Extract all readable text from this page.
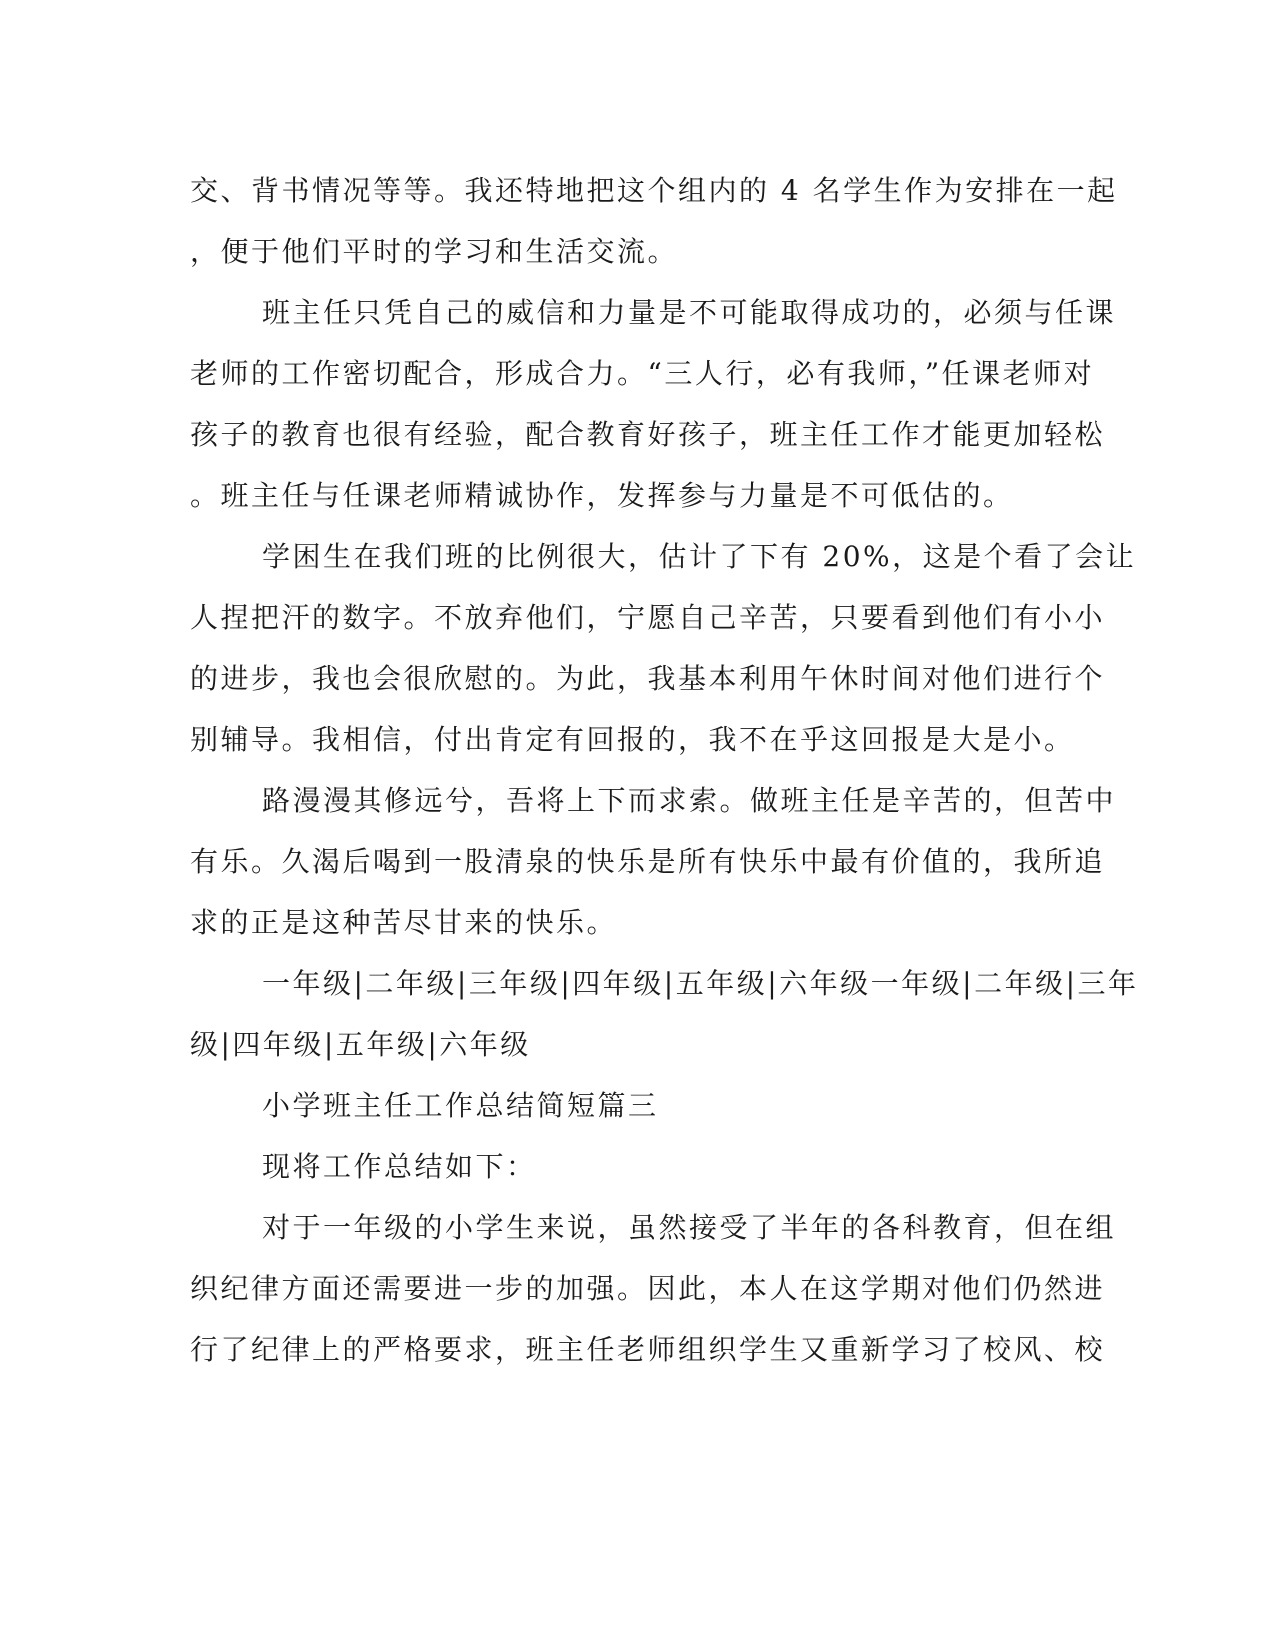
交、背书情况等等。我还特地把这个组内的 4 名学生作为安排在一起
，便于他们平时的学习和生活交流。
班主任只凭自己的威信和力量是不可能取得成功的，必须与任课
老师的工作密切配合，形成合力。“三人行，必有我师，”任课老师对
孩子的教育也很有经验，配合教育好孩子，班主任工作才能更加轻松
。班主任与任课老师精诚协作，发挥参与力量是不可低估的。
学困生在我们班的比例很大，估计了下有 20%，这是个看了会让
人捏把汗的数字。不放弃他们，宁愿自己辛苦，只要看到他们有小小
的进步，我也会很欣慰的。为此，我基本利用午休时间对他们进行个
别辅导。我相信，付出肯定有回报的，我不在乎这回报是大是小。
路漫漫其修远兮，吾将上下而求索。做班主任是辛苦的，但苦中
有乐。久渴后喝到一股清泉的快乐是所有快乐中最有价值的，我所追
求的正是这种苦尽甘来的快乐。
一年级|二年级|三年级|四年级|五年级|六年级一年级|二年级|三年
级|四年级|五年级|六年级
小学班主任工作总结简短篇三
现将工作总结如下：
对于一年级的小学生来说，虽然接受了半年的各科教育，但在组
织纪律方面还需要进一步的加强。因此，本人在这学期对他们仍然进
行了纪律上的严格要求，班主任老师组织学生又重新学习了校风、校
